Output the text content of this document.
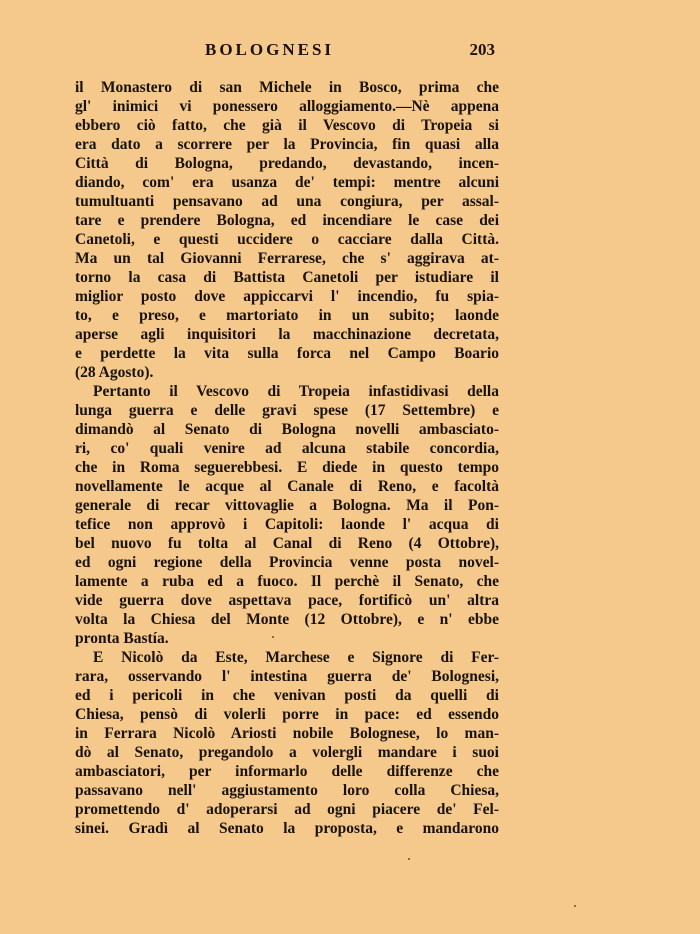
BOLOGNESI	203
il Monastero di san Michele in Bosco, prima che
gl' inimici vi ponessero alloggiamento.—Nè appena
ebbero ciò fatto, che già il Vescovo di Tropeia si
era dato a scorrere per la Provincia, fin quasi alla
Città di Bologna, predando, devastando, incen-
diando, com' era usanza de' tempi: mentre alcuni
tumultuanti pensavano ad una congiura, per assal-
tare e prendere Bologna, ed incendiare le case dei
Canetoli, e questi uccidere o cacciare dalla Città.
Ma un tal Giovanni Ferrarese, che s' aggirava at-
torno la casa di Battista Canetoli per istudiare il
miglior posto dove appiccarvi l' incendio, fu spia-
to, e preso, e martoriato in un subito; laonde
aperse agli inquisitori la macchinazione decretata,
e perdette la vita sulla forca nel Campo Boario
(28 Agosto).
Pertanto il Vescovo di Tropeia infastidivasi della
lunga guerra e delle gravi spese (17 Settembre) e
dimandò al Senato di Bologna novelli ambasciato-
ri, co' quali venire ad alcuna stabile concordia,
che in Roma seguerebbesi. E diede in questo tempo
novellamente le acque al Canale di Reno, e facoltà
generale di recar vittovaglie a Bologna. Ma il Pon-
tefice non approvò i Capitoli: laonde l' acqua di
bel nuovo fu tolta al Canal di Reno (4 Ottobre),
ed ogni regione della Provincia venne posta novel-
lamente a ruba ed a fuoco. Il perchè il Senato, che
vide guerra dove aspettava pace, fortificò un' altra
volta la Chiesa del Monte (12 Ottobre), e n' ebbe
pronta Bastía.
E Nicolò da Este, Marchese e Signore di Fer-
rara, osservando l' intestina guerra de' Bolognesi,
ed i pericoli in che venivan posti da quelli di
Chiesa, pensò di volerli porre in pace: ed essendo
in Ferrara Nicolò Ariosti nobile Bolognese, lo man-
dò al Senato, pregandolo a volergli mandare i suoi
ambasciatori, per informarlo delle differenze che
passavano nell' aggiustamento loro colla Chiesa,
promettendo d' adoperarsi ad ogni piacere de' Fel-
sinei. Gradì al Senato la proposta, e mandarono
